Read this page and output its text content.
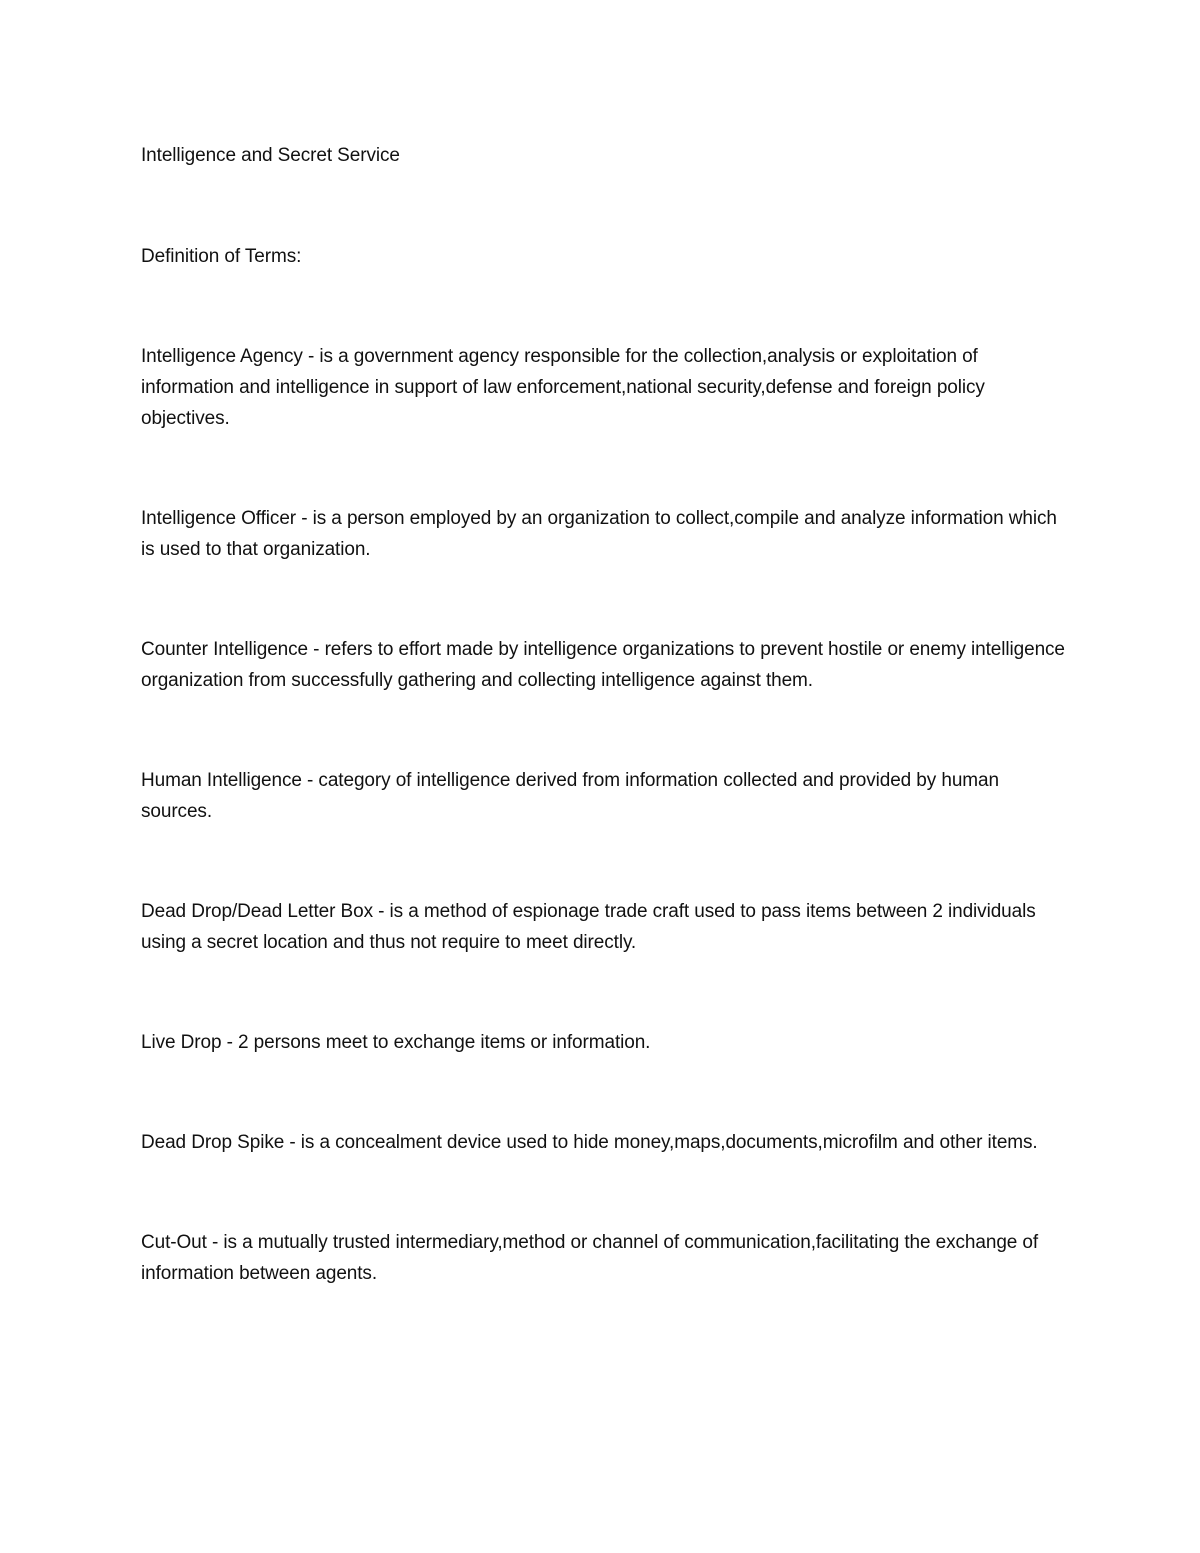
Intelligence and Secret Service

Definition of Terms:

Intelligence Agency - is a government agency responsible for the collection,analysis or exploitation of information and intelligence in support of law enforcement,national security,defense and foreign policy objectives.

Intelligence Officer - is a person employed by an organization to collect,compile and analyze information which is used to that organization.

Counter Intelligence - refers to effort made by intelligence organizations to prevent hostile or enemy intelligence organization from successfully gathering and collecting intelligence against them.

Human Intelligence - category of intelligence derived from information collected and provided by human sources.

Dead Drop/Dead Letter Box - is a method of espionage trade craft used to pass items between 2 individuals using a secret location and thus not require to meet directly.

Live Drop - 2 persons meet to exchange items or information.

Dead Drop Spike - is a concealment device used to hide money,maps,documents,microfilm and other items.

Cut-Out - is a mutually trusted intermediary,method or channel of communication,facilitating the exchange of information between agents.
